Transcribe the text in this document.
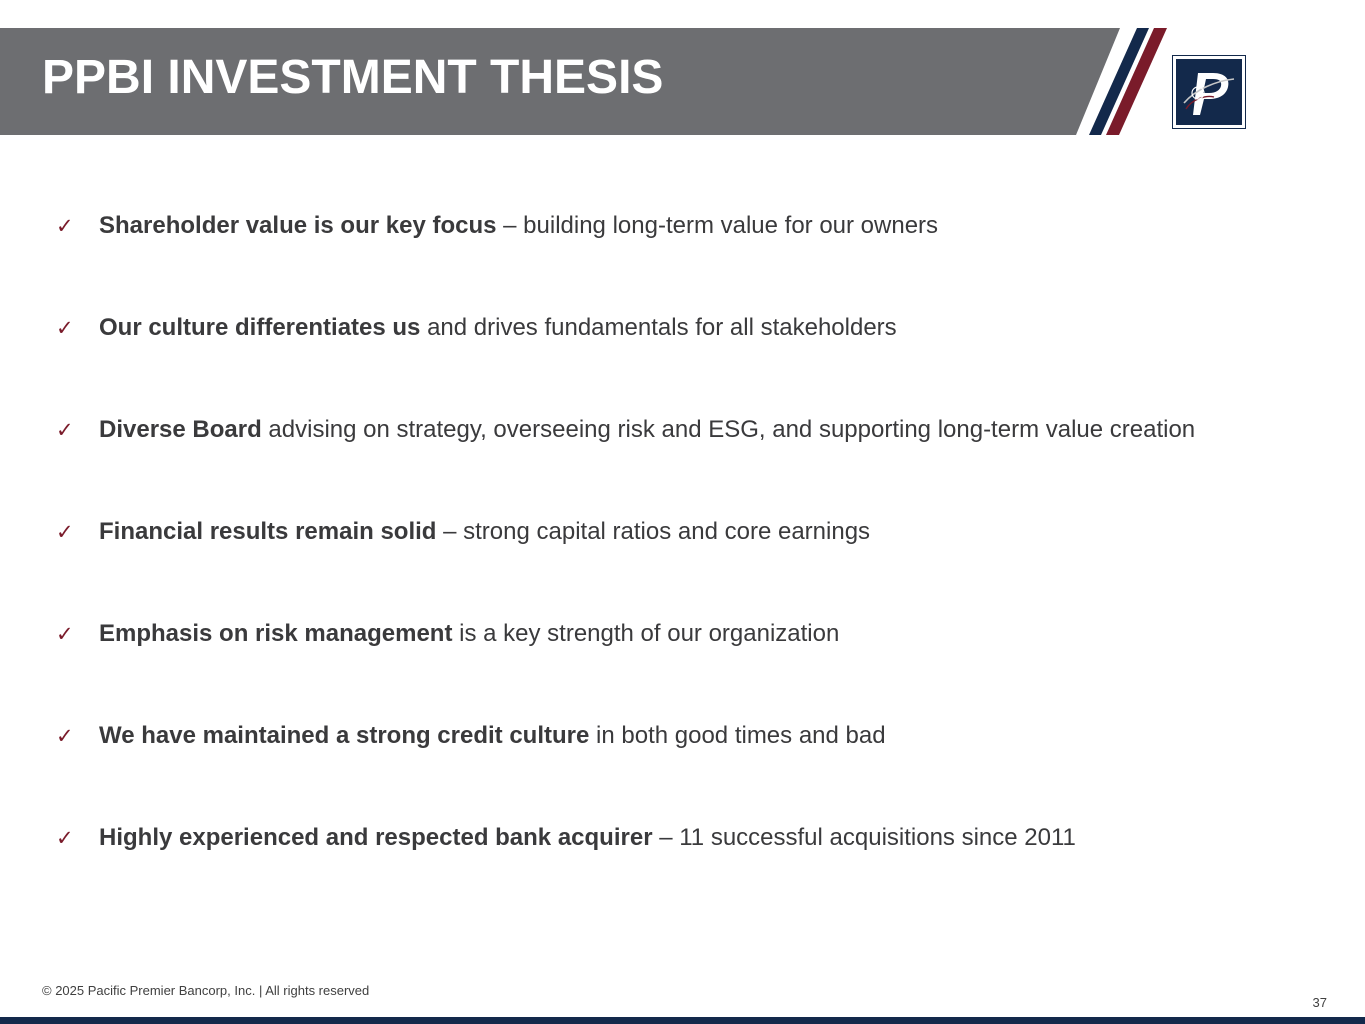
PPBI INVESTMENT THESIS
✓ Shareholder value is our key focus – building long-term value for our owners
✓ Our culture differentiates us and drives fundamentals for all stakeholders
✓ Diverse Board advising on strategy, overseeing risk and ESG, and supporting long-term value creation
✓ Financial results remain solid – strong capital ratios and core earnings
✓ Emphasis on risk management is a key strength of our organization
✓ We have maintained a strong credit culture in both good times and bad
✓ Highly experienced and respected bank acquirer – 11 successful acquisitions since 2011
© 2025 Pacific Premier Bancorp, Inc. | All rights reserved
37
